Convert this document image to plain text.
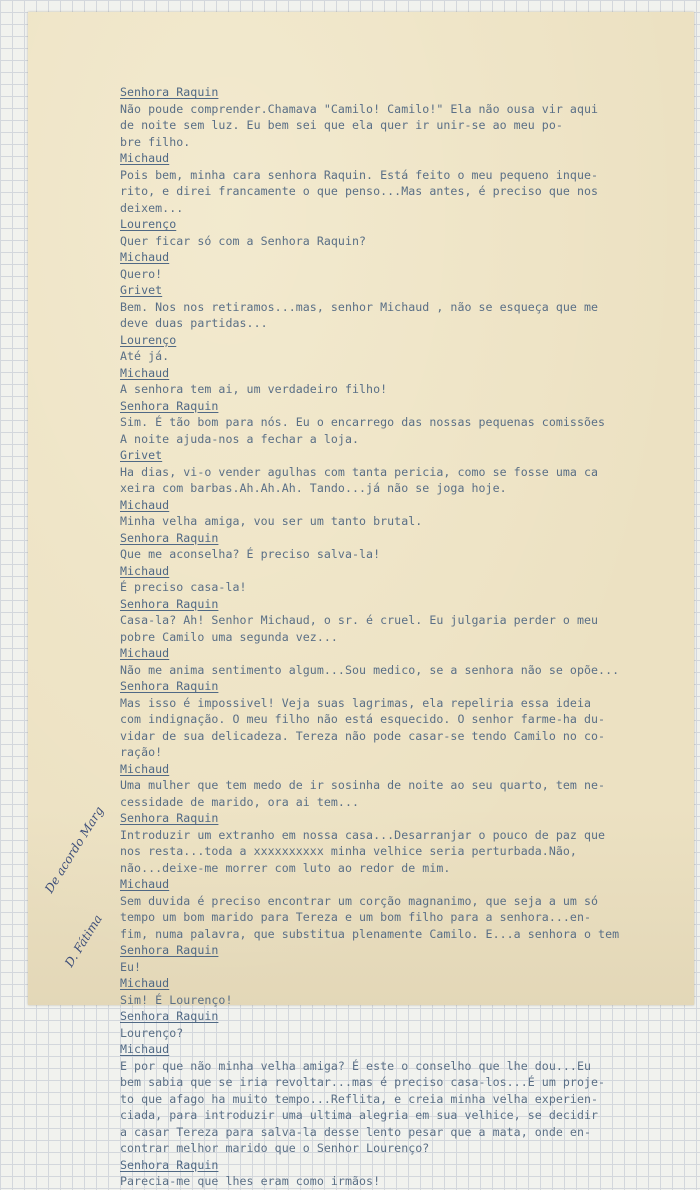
Senhora Raquin
Não poude comprender.Chamava "Camilo! Camilo!" Ela não ousa vir aqui
de noite sem luz. Eu bem sei que ela quer ir unir-se ao meu po-
bre filho.
Michaud
Pois bem, minha cara senhora Raquin. Está feito o meu pequeno inque-
rito, e direi francamente o que penso...Mas antes, é preciso que nos
deixem...
Lourenço
Quer ficar só com a Senhora Raquin?
Michaud
Quero!
Grivet
Bem. Nos nos retiramos...mas, senhor Michaud , não se esqueça que me
deve duas partidas...
Lourenço
Até já.
Michaud
A senhora tem ai, um verdadeiro filho!
Senhora Raquin
Sim. É tão bom para nós. Eu o encarrego das nossas pequenas comissões
A noite ajuda-nos a fechar a loja.
Grivet
Ha dias, vi-o vender agulhas com tanta pericia, como se fosse uma ca
xeira com barbas.Ah.Ah.Ah. Tando...já não se joga hoje.
Michaud
Minha velha amiga, vou ser um tanto brutal.
Senhora Raquin
Que me aconselha? É preciso salva-la!
Michaud
É preciso casa-la!
Senhora Raquin
Casa-la? Ah! Senhor Michaud, o sr. é cruel. Eu julgaria perder o meu
pobre Camilo uma segunda vez...
Michaud
Não me anima sentimento algum...Sou medico, se a senhora não se opõe...
Senhora Raquin
Mas isso é impossivel! Veja suas lagrimas, ela repeliria essa ideia
com indignação. O meu filho não está esquecido. O senhor farme-ha du-
vidar de sua delicadeza. Tereza não pode casar-se tendo Camilo no co-
ração!
Michaud
Uma mulher que tem medo de ir sosinha de noite ao seu quarto, tem ne-
cessidade de marido, ora ai tem...
Senhora Raquin
Introduzir um extranho em nossa casa...Desarranjar o pouco de paz que
nos resta...toda a xxxxxxxxxx minha velhice seria perturbada.Não,
não...deixe-me morrer com luto ao redor de mim.
Michaud
Sem duvida é preciso encontrar um corção magnanimo, que seja a um só
tempo um bom marido para Tereza e um bom filho para a senhora...en-
fim, numa palavra, que substitua plenamente Camilo. E...a senhora o tem
Senhora Raquin
Eu!
Michaud
Sim! É Lourenço!
Senhora Raquin
Lourenço?
Michaud
E por que não minha velha amiga? É este o conselho que lhe dou...Eu
bem sabia que se iria revoltar...mas é preciso casa-los...É um proje-
to que afago ha muito tempo...Reflita, e creia minha velha experien-
ciada, para introduzir uma ultima alegria em sua velhice, se decidir
a casar Tereza para salva-la desse lento pesar que a mata, onde en-
contrar melhor marido que o Senhor Lourenço?
Senhora Raquin
Parecia-me que lhes eram como irmãos!
De acordo Marg
D. Fátima
